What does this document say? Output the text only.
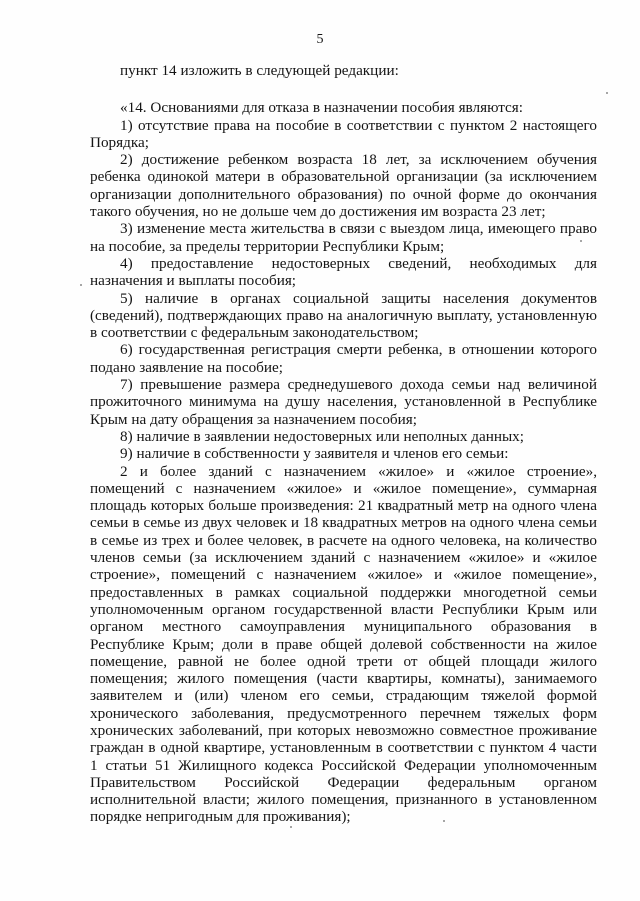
5

пункт 14 изложить в следующей редакции:

«14. Основаниями для отказа в назначении пособия являются:

1) отсутствие права на пособие в соответствии с пунктом 2 настоящего Порядка;

2) достижение ребенком возраста 18 лет, за исключением обучения ребенка одинокой матери в образовательной организации (за исключением организации дополнительного образования) по очной форме до окончания такого обучения, но не дольше чем до достижения им возраста 23 лет;

3) изменение места жительства в связи с выездом лица, имеющего право на пособие, за пределы территории Республики Крым;

4) предоставление недостоверных сведений, необходимых для назначения и выплаты пособия;

5) наличие в органах социальной защиты населения документов (сведений), подтверждающих право на аналогичную выплату, установленную в соответствии с федеральным законодательством;

6) государственная регистрация смерти ребенка, в отношении которого подано заявление на пособие;

7) превышение размера среднедушевого дохода семьи над величиной прожиточного минимума на душу населения, установленной в Республике Крым на дату обращения за назначением пособия;

8) наличие в заявлении недостоверных или неполных данных;

9) наличие в собственности у заявителя и членов его семьи:

2 и более зданий с назначением «жилое» и «жилое строение», помещений с назначением «жилое» и «жилое помещение», суммарная площадь которых больше произведения: 21 квадратный метр на одного члена семьи в семье из двух человек и 18 квадратных метров на одного члена семьи в семье из трех и более человек, в расчете на одного человека, на количество членов семьи (за исключением зданий с назначением «жилое» и «жилое строение», помещений с назначением «жилое» и «жилое помещение», предоставленных в рамках социальной поддержки многодетной семьи уполномоченным органом государственной власти Республики Крым или органом местного самоуправления муниципального образования в Республике Крым; доли в праве общей долевой собственности на жилое помещение, равной не более одной трети от общей площади жилого помещения; жилого помещения (части квартиры, комнаты), занимаемого заявителем и (или) членом его семьи, страдающим тяжелой формой хронического заболевания, предусмотренного перечнем тяжелых форм хронических заболеваний, при которых невозможно совместное проживание граждан в одной квартире, установленным в соответствии с пунктом 4 части 1 статьи 51 Жилищного кодекса Российской Федерации уполномоченным Правительством Российской Федерации федеральным органом исполнительной власти; жилого помещения, признанного в установленном порядке непригодным для проживания);
